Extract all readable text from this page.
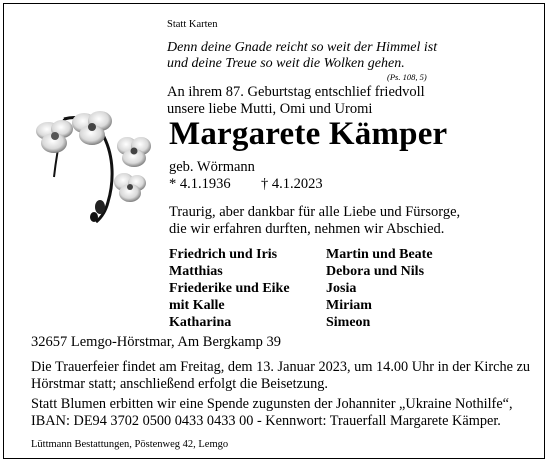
Statt Karten
Denn deine Gnade reicht so weit der Himmel ist
und deine Treue so weit die Wolken gehen.
(Ps. 108, 5)
An ihrem 87. Geburtstag entschlief friedvoll
unsere liebe Mutti, Omi und Uromi
Margarete Kämper
geb. Wörmann
* 4.1.1936 † 4.1.2023
Traurig, aber dankbar für alle Liebe und Fürsorge,
die wir erfahren durften, nehmen wir Abschied.
Friedrich und Iris
Matthias
Friederike und Eike
mit Kalle
Katharina
Martin und Beate
Debora und Nils
Josia
Miriam
Simeon
32657 Lemgo-Hörstmar, Am Bergkamp 39
Die Trauerfeier findet am Freitag, dem 13. Januar 2023, um 14.00 Uhr in der Kirche zu
Hörstmar statt; anschließend erfolgt die Beisetzung.
Statt Blumen erbitten wir eine Spende zugunsten der Johanniter „Ukraine Nothilfe“,
IBAN: DE94 3702 0500 0433 0433 00 - Kennwort: Trauerfall Margarete Kämper.
Lüttmann Bestattungen, Pöstenweg 42, Lemgo
